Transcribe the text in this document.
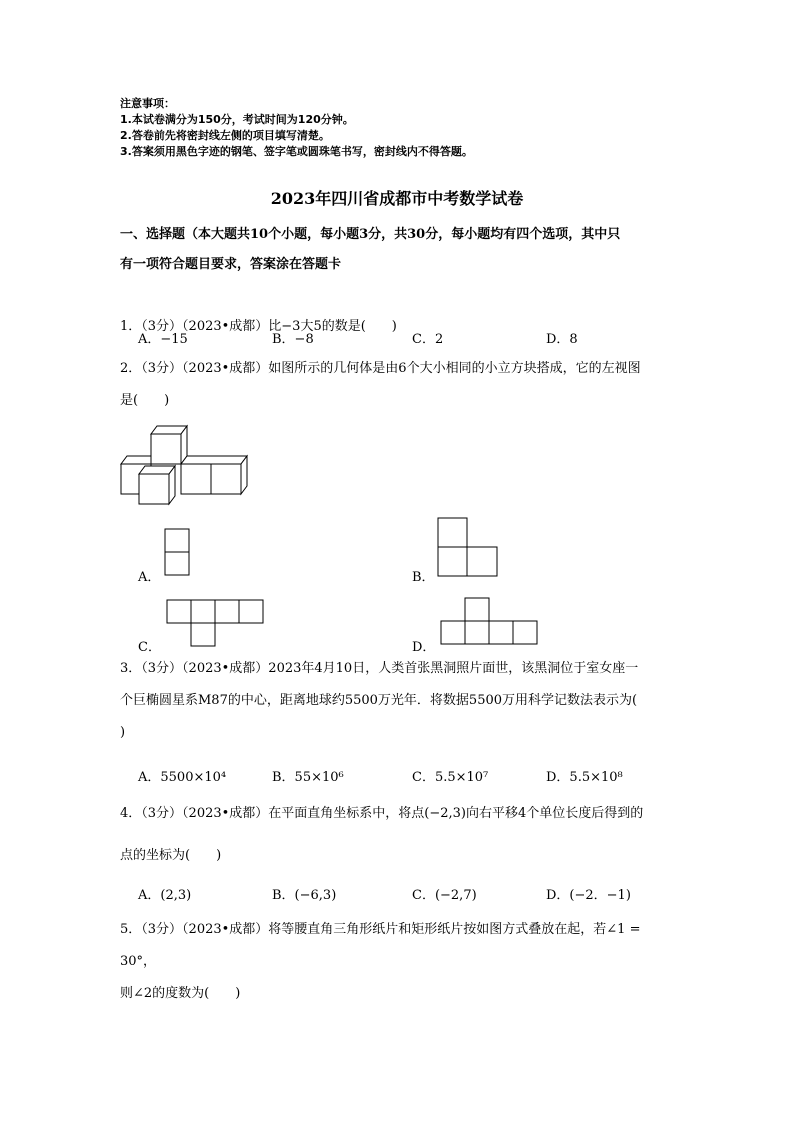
注意事项：
1.本试卷满分为150分，考试时间为120分钟。
2.答卷前先将密封线左侧的项目填写清楚。
3.答案须用黑色字迹的钢笔、签字笔或圆珠笔书写，密封线内不得答题。
2023年四川省成都市中考数学试卷
一、选择题（本大题共10个小题，每小题3分，共30分，每小题均有四个选项，其中只
有一项符合题目要求，答案涂在答题卡
1．（3分）（2023•成都）比−3大5的数是(　　)
A．−15	B．−8	C．2	D．8
2．（3分）（2023•成都）如图所示的几何体是由6个大小相同的小立方块搭成，它的左视图
是(　　)
A．	B．
C．	D．
3．（3分）（2023•成都）2023年4月10日，人类首张黑洞照片面世，该黑洞位于室女座一
个巨椭圆星系M87的中心，距离地球约5500万光年．将数据5500万用科学记数法表示为(
)
A．5500×10⁴	B．55×10⁶	C．5.5×10⁷	D．5.5×10⁸
4．（3分）（2023•成都）在平面直角坐标系中，将点(−2,3)向右平移4个单位长度后得到的
点的坐标为(　　)
A．(2,3)	B．(−6,3)	C．(−2,7)	D．(−2．−1)
5．（3分）（2023•成都）将等腰直角三角形纸片和矩形纸片按如图方式叠放在起，若∠1 = 30°，
则∠2的度数为(　　)
